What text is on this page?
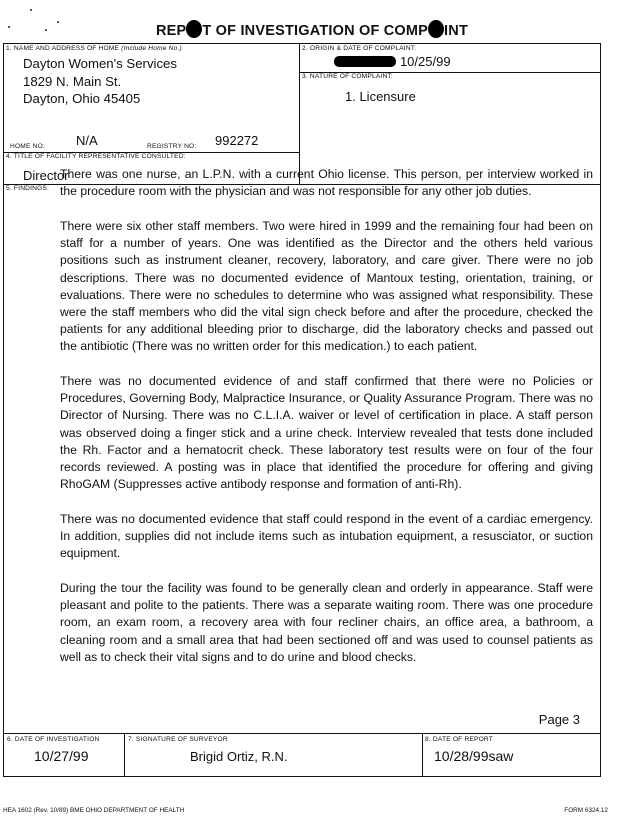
REP T OF INVESTIGATION OF COMP INT
1. NAME AND ADDRESS OF HOME (Include Home No.)
Dayton Women's Services
1829 N. Main St.
Dayton, Ohio 45405
HOME NO: N/A	REGISTRY NO: 992272
2. ORIGIN & DATE OF COMPLAINT:
- 10/25/99
3. NATURE OF COMPLAINT:
1. Licensure
4. TITLE OF FACILITY REPRESENTATIVE CONSULTED:
Director
5. FINDINGS:
6. DATE OF INVESTIGATION
10/27/99
7. SIGNATURE OF SURVEYOR
Brigid Ortiz, R.N.
8. DATE OF REPORT
10/28/99saw

There was one nurse, an L.P.N. with a current Ohio license. This person, per interview worked in the procedure room with the physician and was not responsible for any other job duties.

There were six other staff members. Two were hired in 1999 and the remaining four had been on staff for a number of years. One was identified as the Director and the others held various positions such as instrument cleaner, recovery, laboratory, and care giver. There were no job descriptions. There was no documented evidence of Mantoux testing, orientation, training, or evaluations. There were no schedules to determine who was assigned what responsibility. These were the staff members who did the vital sign check before and after the procedure, checked the patients for any additional bleeding prior to discharge, did the laboratory checks and passed out the antibiotic (There was no written order for this medication.) to each patient.

There was no documented evidence of and staff confirmed that there were no Policies or Procedures, Governing Body, Malpractice Insurance, or Quality Assurance Program. There was no Director of Nursing. There was no C.L.I.A. waiver or level of certification in place. A staff person was observed doing a finger stick and a urine check. Interview revealed that tests done included the Rh. Factor and a hematocrit check. These laboratory test results were on four of the four records reviewed. A posting was in place that identified the procedure for offering and giving RhoGAM (Suppresses active antibody response and formation of anti-Rh).

There was no documented evidence that staff could respond in the event of a cardiac emergency. In addition, supplies did not include items such as intubation equipment, a resusciator, or suction equipment.

During the tour the facility was found to be generally clean and orderly in appearance. Staff were pleasant and polite to the patients. There was a separate waiting room. There was one procedure room, an exam room, a recovery area with four recliner chairs, an office area, a bathroom, a cleaning room and a small area that had been sectioned off and was used to counsel patients as well as to check their vital signs and to do urine and blood checks.

Page 3
HEA 1602 (Rev. 10/89) BME OHIO DEPARTMENT OF HEALTH	FORM 6324.12
